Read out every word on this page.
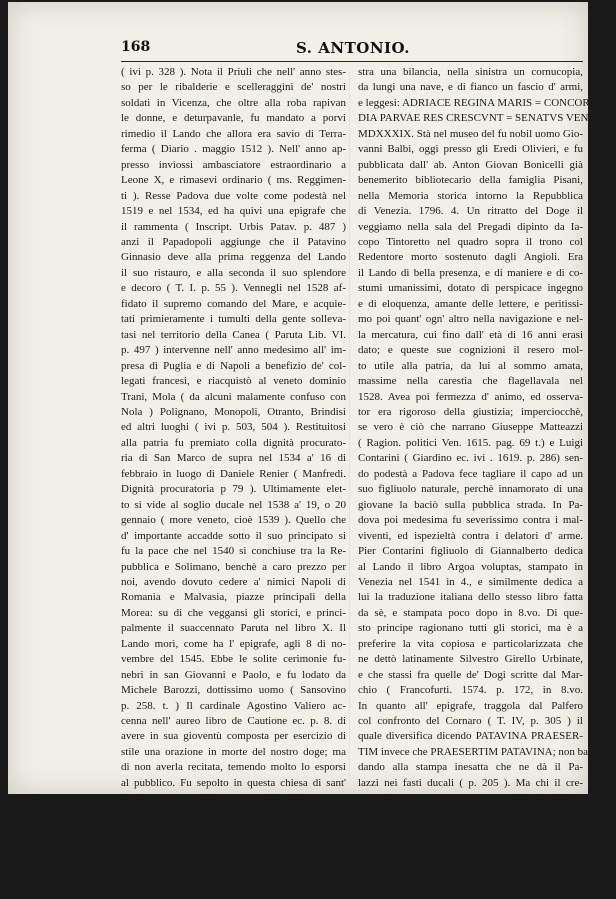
168	S. ANTONIO.
( ivi p. 328 ). Nota il Priuli che nell' anno stes-
so per le ribalderie e scelleraggini de' nostri
soldati in Vicenza, che oltre alla roba rapivan
le donne, e deturpavanle, fu mandato a porvi
rimedio il Lando che allora era savio di Terra-
ferma ( Diario . maggio 1512 ). Nell' anno ap-
presso inviossi ambasciatore estraordinario a
Leone X, e rimasevi ordinario ( ms. Reggimen-
ti ). Resse Padova due volte come podestà nel
1519 e nel 1534, ed ha quivi una epigrafe che
il rammenta ( Inscript. Urbis Patav. p. 487 )
anzi il Papadopoli aggiunge che il Patavino
Ginnasio deve alla prima reggenza del Lando
il suo ristauro, e alla seconda il suo splendore
e decoro ( T. I. p. 55 ). Vennegli nel 1528 af-
fidato il supremo comando del Mare, e acquie-
tati primieramente i tumulti della gente solleva-
tasi nel territorio della Canea ( Paruta Lib. VI.
p. 497 ) intervenne nell' anno medesimo all' im-
presa di Puglia e di Napoli a benefizio de' col-
legati francesi, e riacquistò al veneto dominio
Trani, Mola ( da alcuni malamente confuso con
Nola ) Polignano, Monopoli, Otranto, Brindisi
ed altri luoghi ( ivi p. 503, 504 ). Restituitosi
alla patria fu premiato colla dignità procurato-
ria di San Marco de supra nel 1534 a' 16 di
febbraio in luogo di Daniele Renier ( Manfredi.
Dignità procuratoria p 79 ). Ultimamente elet-
to si vide al soglio ducale nel 1538 a' 19, o 20
gennaio ( more veneto, cioè 1539 ). Quello che
d' importante accadde sotto il suo principato si
fu la pace che nel 1540 si conchiuse tra la Re-
pubblica e Solimano, benchè a caro prezzo per
noi, avendo dovuto cedere a' nimici Napoli di
Romania e Malvasia, piazze principali della
Morea: su di che veggansi gli storici, e princi-
palmente il suaccennato Paruta nel libro X. Il
Lando morì, come ha l' epigrafe, agli 8 di no-
vembre del 1545. Ebbe le solite cerimonie fu-
nebri in san Giovanni e Paolo, e fu lodato da
Michele Barozzi, dottissimo uomo ( Sansovino
p. 258. t. ) Il cardinale Agostino Valiero ac-
cenna nell' aureo libro de Cautione ec. p. 8. di
avere in sua gioventù composta per esercizio di
stile una orazione in morte del nostro doge; ma
di non averla recitata, temendo molto lo esporsi
al pubblico. Fu sepolto in questa chiesa di sant'
Antonio nella cappella della Madonna da lui
fatta edificare; ed aveavi la sua statua di ma-
no di Pietro da Salò, come attesta il Sansovino
( Lib. I, p. 9 ). Una medaglia coniata nel 1539
da Andrea Spinelli rappresenta da un lato, ge-
nuflesso il Doge col Senato innanzi al Redento-
re: dall' altro, Adria sedente che tiene nella de-
stra una bilancia, nella sinistra un cornucopia,
da lungi una nave, e di fianco un fascio d' armi,
e leggesi: ADRIACE REGINA MARIS = CONCOR-
DIA PARVAE RES CRESCVNT = SENATVS VENETVS
MDXXXIX. Stà nel museo del fu nobil uomo Gio-
vanni Balbi, oggi presso gli Eredi Olivieri, e fu
pubblicata dall' ab. Anton Giovan Bonicelli già
benemerito bibliotecario della famiglia Pisani,
nella Memoria storica intorno la Repubblica
di Venezia. 1796. 4. Un ritratto del Doge il
veggiamo nella sala del Pregadi dipinto da Ia-
copo Tintoretto nel quadro sopra il trono col
Redentore morto sostenuto dagli Angioli. Era
il Lando di bella presenza, e di maniere e di co-
stumi umanissimi, dotato di perspicace ingegno
e di eloquenza, amante delle lettere, e peritissi-
mo poi quant' ogn' altro nella navigazione e nel-
la mercatura, cui fino dall' età di 16 anni erasi
dato; e queste sue cognizioni il resero mol-
to utile alla patria, da lui al sommo amata,
massime nella carestia che flagellavala nel
1528. Avea poi fermezza d' animo, ed osserva-
tor era rigoroso della giustizia; imperciocchè,
se vero è ciò che narrano Giuseppe Matteazzi
( Ragion. politici Ven. 1615. pag. 69 t.) e Luigi
Contarini ( Giardino ec. ivi . 1619. p. 286) sen-
do podestà a Padova fece tagliare il capo ad un
suo figliuolo naturale, perchè innamorato di una
giovane la baciò sulla pubblica strada. In Pa-
dova poi medesima fu severissimo contra i mal-
viventi, ed ispezieltà contra i delatori d' arme.
Pier Contarini figliuolo di Giannalberto dedica
al Lando il libro Argoa voluptas, stampato in
Venezia nel 1541 in 4., e similmente dedica a
lui la traduzione italiana dello stesso libro fatta
da sè, e stampata poco dopo in 8.vo. Di que-
sto principe ragionano tutti gli storici, ma è a
preferire la vita copiosa e particolarizzata che
ne dettò latinamente Silvestro Girello Urbinate,
e che stassi fra quelle de' Dogi scritte dal Mar-
chio ( Francofurti. 1574. p. 172, in 8.vo.
In quanto all' epigrafe, traggola dal Palfero
col confronto del Cornaro ( T. IV, p. 305 ) il
quale diversifica dicendo PATAVINA PRAESER-
TIM invece che PRAESERTIM PATAVINA; non ba-
dando alla stampa inesatta che ne dà il Pa-
lazzi nei fasti ducali ( p. 205 ). Ma chi il cre-
derebbe? Nell' atto che con somma cura con-
servate furono alcune marmoree inscrizioni a
questo tempio spettanti, e traslocate prima nel
cortile dell' Accademia delle Belle Arti, poscia
nel chiostro del Seminario, e nell' atto che fra
le conservate c'entrar di quelle della medesima
famiglia Lando, la presente serve a lastricare
